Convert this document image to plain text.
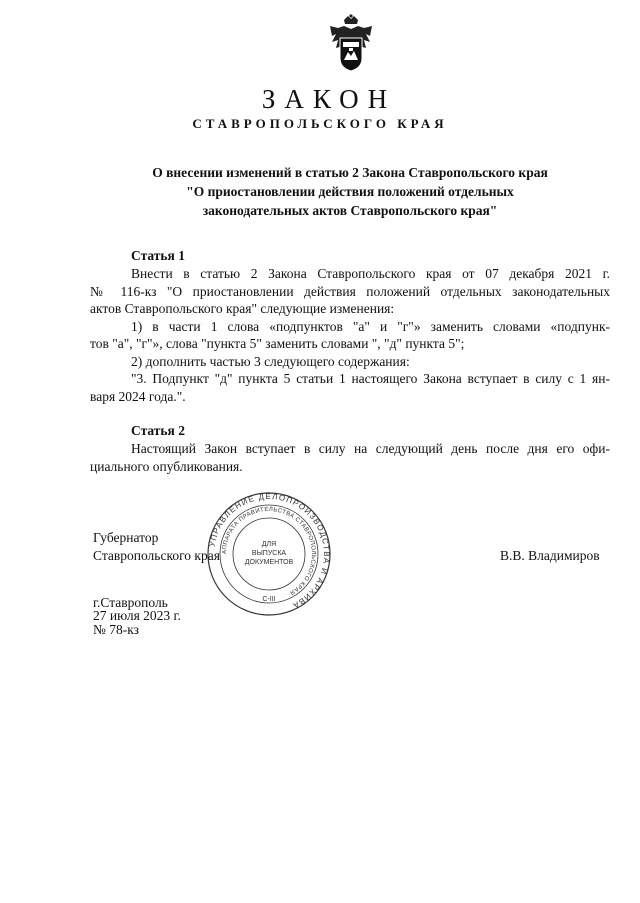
ЗАКОН
СТАВРОПОЛЬСКОГО КРАЯ
О внесении изменений в статью 2 Закона Ставропольского края
"О приостановлении действия положений отдельных
законодательных актов Ставропольского края"
Статья 1
Внести в статью 2 Закона Ставропольского края от 07 декабря 2021 г.
№ 116-кз "О приостановлении действия положений отдельных законодательных
актов Ставропольского края" следующие изменения:
1) в части 1 слова «подпунктов "а" и "г"» заменить словами «подпунк-
тов "а", "г"», слова "пункта 5" заменить словами ", "д" пункта 5";
2) дополнить частью 3 следующего содержания:
"3. Подпункт "д" пункта 5 статьи 1 настоящего Закона вступает в силу с 1 ян-
варя 2024 года.".
Статья 2
Настоящий Закон вступает в силу на следующий день после дня его офи-
циального опубликования.
Губернатор
Ставропольского края	В.В. Владимиров
УПРАВЛЕНИЕ ДЕЛОПРОИЗВОДСТВА И АРХИВА
АППАРАТА ПРАВИТЕЛЬСТВА СТАВРОПОЛЬСКОГО КРАЯ
ДЛЯ
ВЫПУСКА
ДОКУМЕНТОВ
С-III
г.Ставрополь
27 июля 2023 г.
№ 78-кз
